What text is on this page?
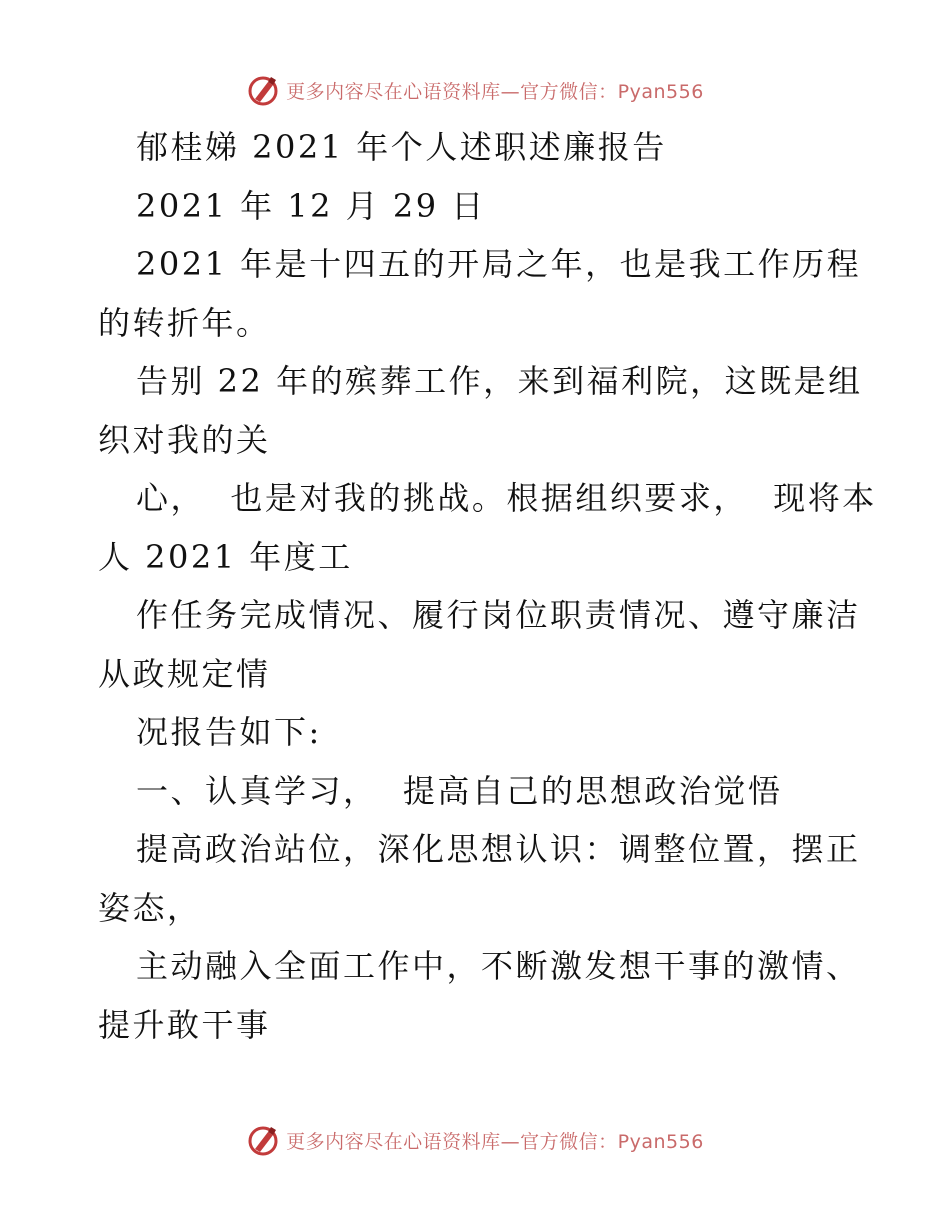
更多内容尽在心语资料库—官方微信：Pyan556
郁桂娣 2021 年个人述职述廉报告
2021 年 12 月 29 日
2021 年是十四五的开局之年，也是我工作历程
的转折年。
告别 22 年的殡葬工作，来到福利院，这既是组
织对我的关
心，  也是对我的挑战。根据组织要求，  现将本
人 2021 年度工
作任务完成情况、履行岗位职责情况、遵守廉洁
从政规定情
况报告如下:
一、认真学习，  提高自己的思想政治觉悟
提高政治站位，深化思想认识：调整位置，摆正
姿态，
主动融入全面工作中，不断激发想干事的激情、
提升敢干事
更多内容尽在心语资料库—官方微信：Pyan556
